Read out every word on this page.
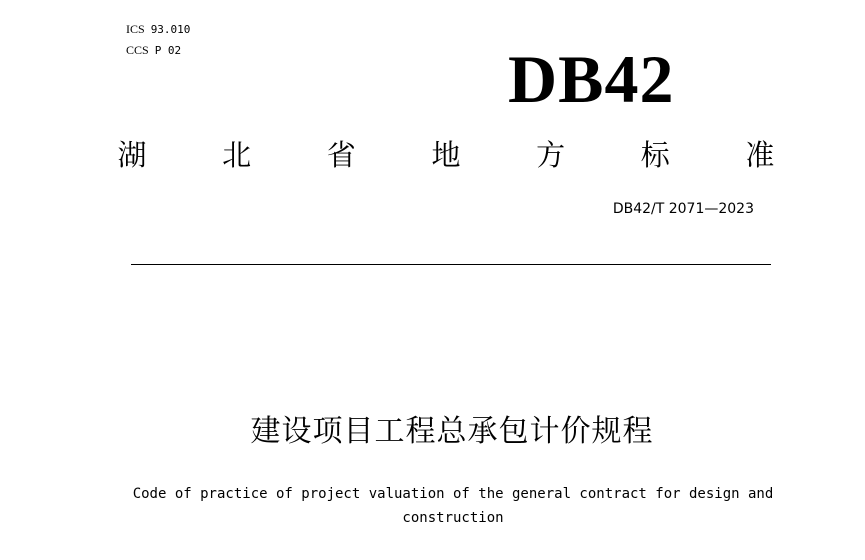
ICS 93.010
CCS P 02	DB42
湖	北	省	地	方	标	准
DB42/T 2071—2023
建设项目工程总承包计价规程
Code of practice of project valuation of the general contract for design and construction
